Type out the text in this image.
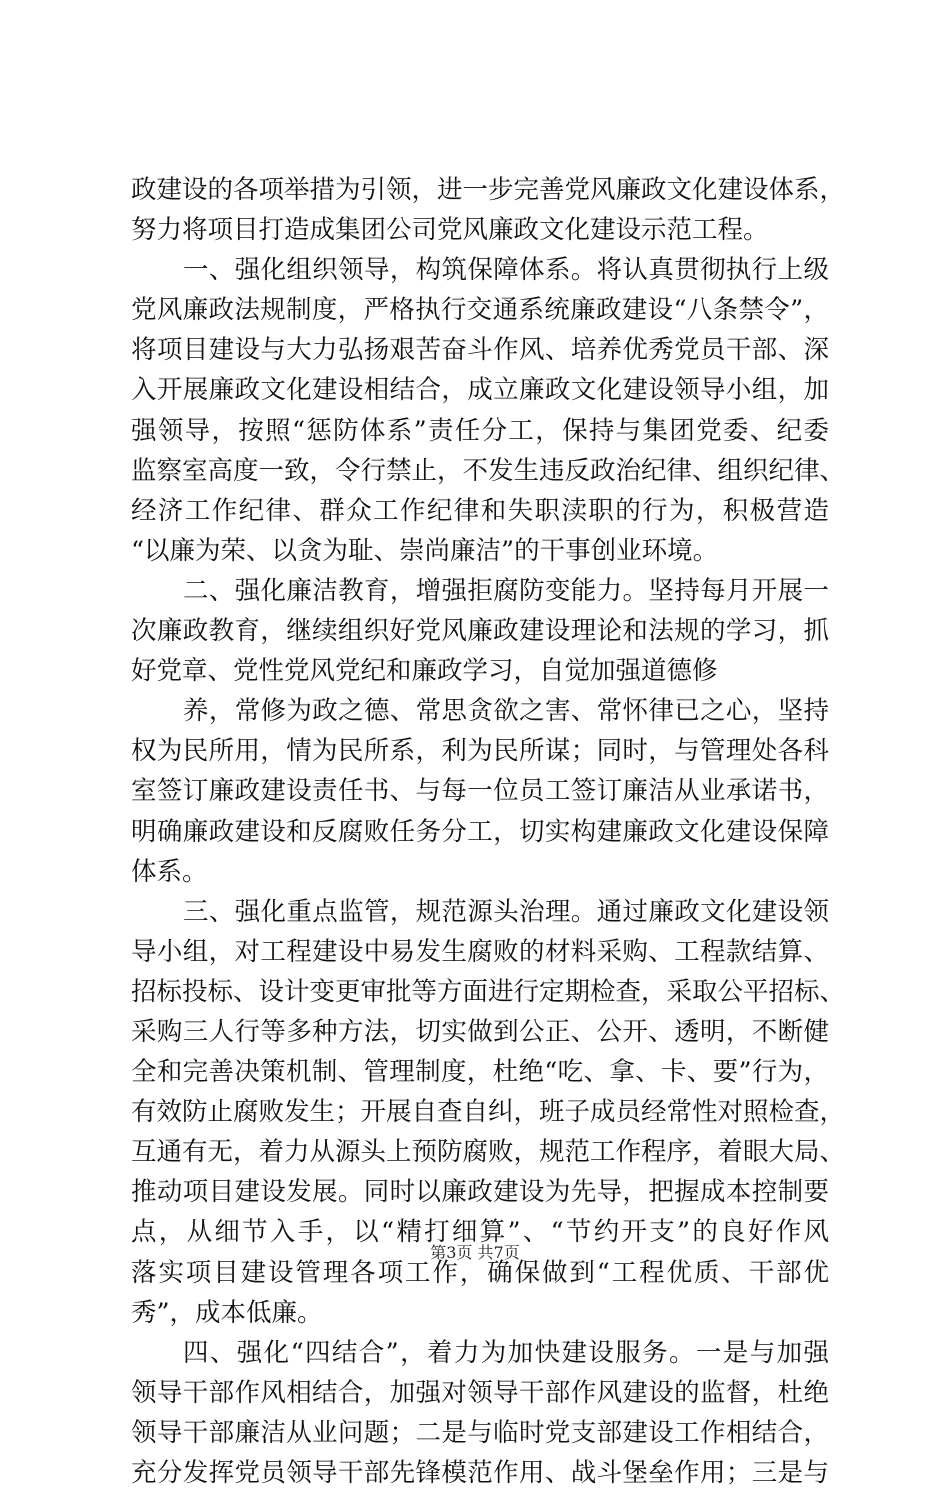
政建设的各项举措为引领，进一步完善党风廉政文化建设体系，
努力将项目打造成集团公司党风廉政文化建设示范工程。
一、强化组织领导，构筑保障体系。将认真贯彻执行上级
党风廉政法规制度，严格执行交通系统廉政建设“八条禁令”，
将项目建设与大力弘扬艰苦奋斗作风、培养优秀党员干部、深
入开展廉政文化建设相结合，成立廉政文化建设领导小组，加
强领导，按照“惩防体系”责任分工，保持与集团党委、纪委
监察室高度一致，令行禁止，不发生违反政治纪律、组织纪律、
经济工作纪律、群众工作纪律和失职渎职的行为，积极营造
“以廉为荣、以贪为耻、崇尚廉洁”的干事创业环境。
二、强化廉洁教育，增强拒腐防变能力。坚持每月开展一
次廉政教育，继续组织好党风廉政建设理论和法规的学习，抓
好党章、党性党风党纪和廉政学习，自觉加强道德修
养，常修为政之德、常思贪欲之害、常怀律已之心，坚持
权为民所用，情为民所系，利为民所谋；同时，与管理处各科
室签订廉政建设责任书、与每一位员工签订廉洁从业承诺书，
明确廉政建设和反腐败任务分工，切实构建廉政文化建设保障
体系。
三、强化重点监管，规范源头治理。通过廉政文化建设领
导小组，对工程建设中易发生腐败的材料采购、工程款结算、
招标投标、设计变更审批等方面进行定期检查，采取公平招标、
采购三人行等多种方法，切实做到公正、公开、透明，不断健
全和完善决策机制、管理制度，杜绝“吃、拿、卡、要”行为，
有效防止腐败发生；开展自查自纠，班子成员经常性对照检查，
互通有无，着力从源头上预防腐败，规范工作程序，着眼大局、
推动项目建设发展。同时以廉政建设为先导，把握成本控制要
点，从细节入手，以“精打细算”、“节约开支”的良好作风
落实项目建设管理各项工作，确保做到“工程优质、干部优
秀”，成本低廉。
四、强化“四结合”，着力为加快建设服务。一是与加强
领导干部作风相结合，加强对领导干部作风建设的监督，杜绝
领导干部廉洁从业问题；二是与临时党支部建设工作相结合，
充分发挥党员领导干部先锋模范作用、战斗堡垒作用；三是与
第3页 共7页
